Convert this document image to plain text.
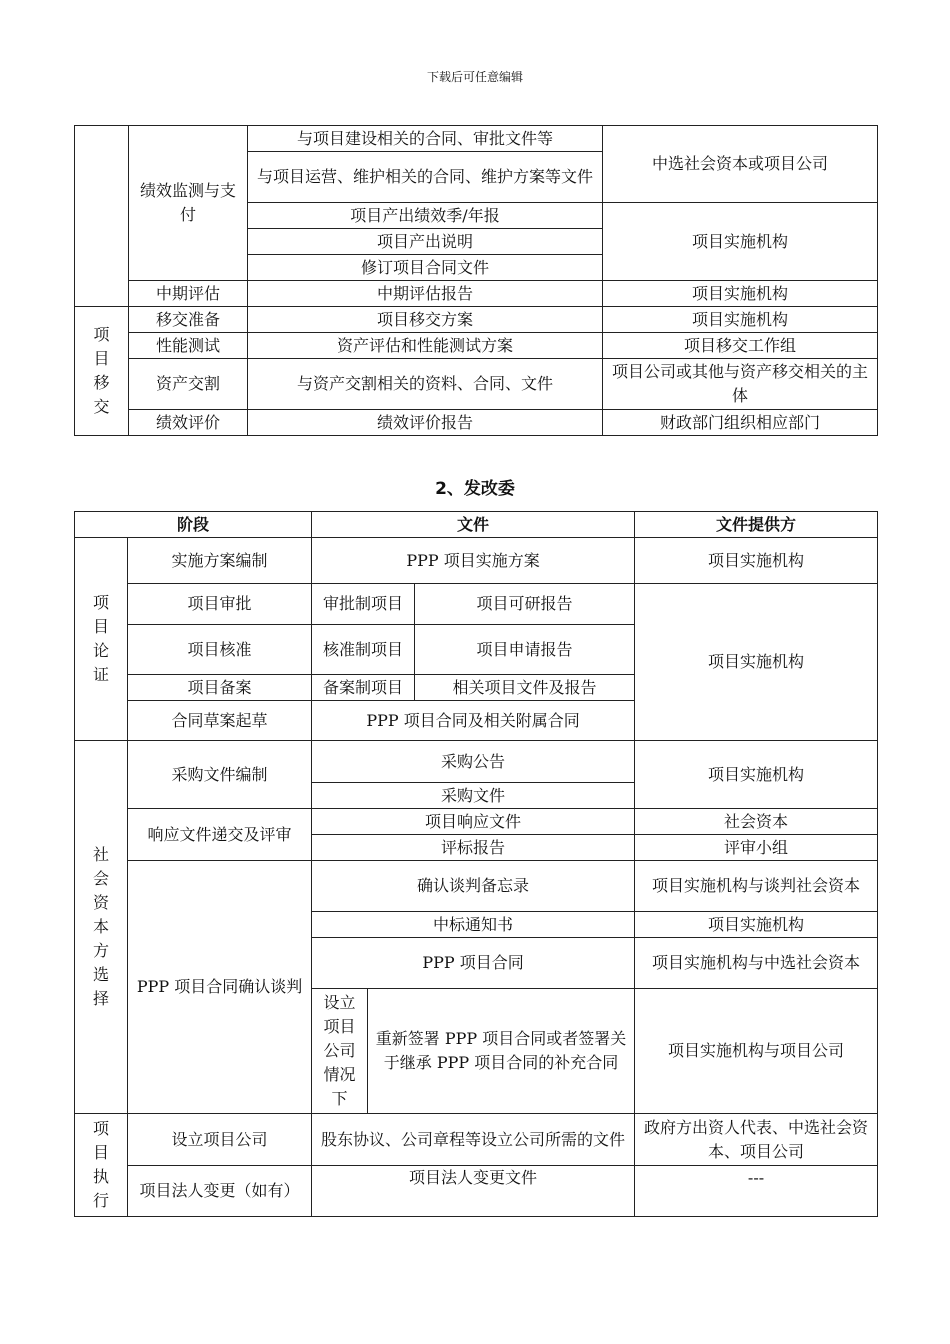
下载后可任意编辑
	绩效监测与支付	与项目建设相关的合同、审批文件等	中选社会资本或项目公司
		与项目运营、维护相关的合同、维护方案等文件	
		项目产出绩效季/年报	项目实施机构
		项目产出说明	
		修订项目合同文件	

	中期评估	中期评估报告	项目实施机构

项目移交	移交准备	项目移交方案	项目实施机构
	性能测试	资产评估和性能测试方案	项目移交工作组
	资产交割	与资产交割相关的资料、合同、文件	项目公司或其他与资产移交相关的主体
	绩效评价	绩效评价报告	财政部门组织相应部门
2、发改委
阶段		文件			文件提供方

项目论证	实施方案编制	PPP 项目实施方案			项目实施机构
	项目审批	审批制项目		项目可研报告	项目实施机构
	项目核准	核准制项目		项目申请报告	
	项目备案	备案制项目		相关项目文件及报告	
	合同草案起草	PPP 项目合同及相关附属合同			

社会资本方选择	采购文件编制	采购公告			项目实施机构
		采购文件			
	响应文件递交及评审	项目响应文件			社会资本
		评标报告			评审小组
	PPP 项目合同确认谈判	确认谈判备忘录			项目实施机构与谈判社会资本
		中标通知书			项目实施机构
		PPP 项目合同			项目实施机构与中选社会资本

		设立项目公司情况下	重新签署 PPP 项目合同或者签署关于继承 PPP 项目合同的补充合同		项目实施机构与项目公司

项目执行	设立项目公司	股东协议、公司章程等设立公司所需的文件			政府方出资人代表、中选社会资本、项目公司
	项目法人变更（如有）	项目法人变更文件			---
